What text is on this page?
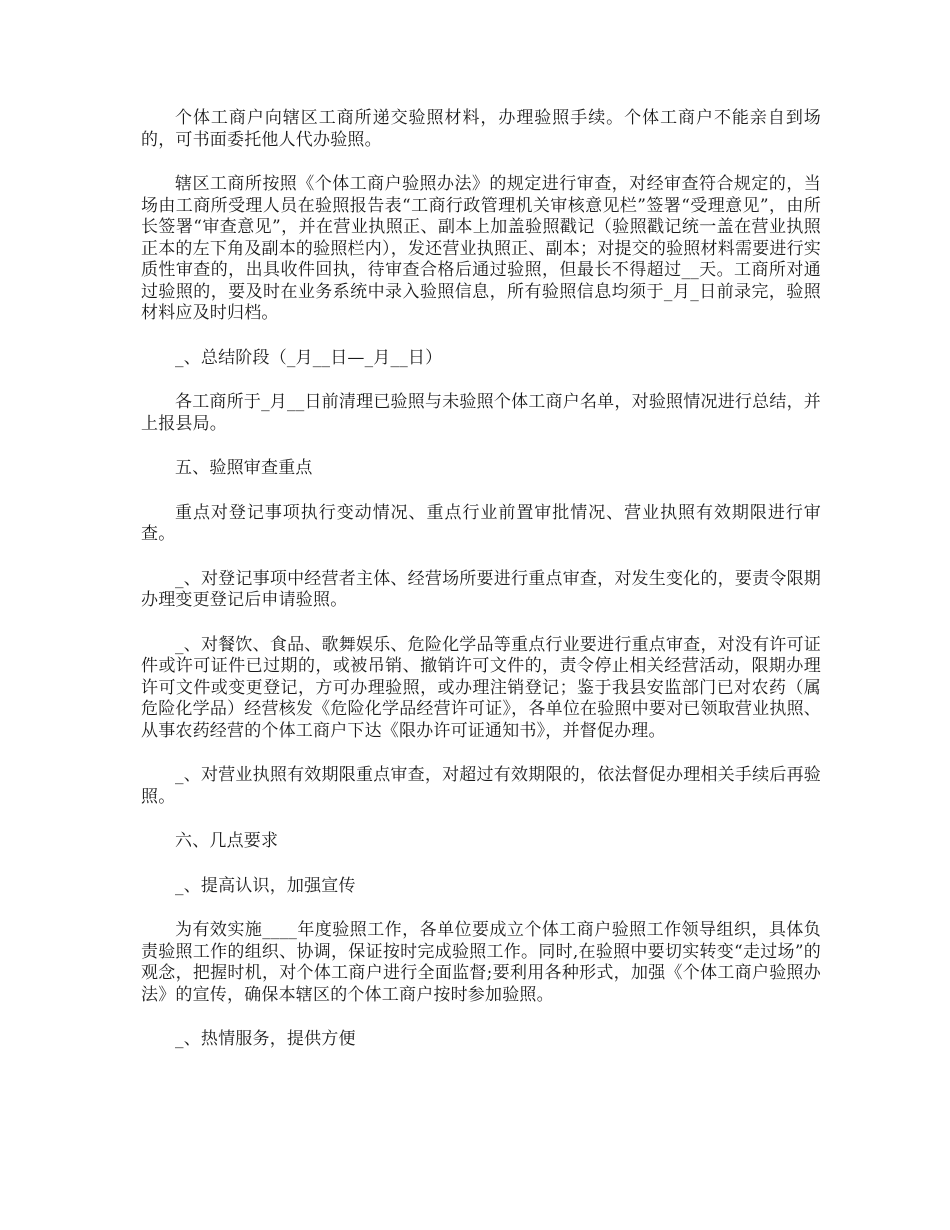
个体工商户向辖区工商所递交验照材料，办理验照手续。个体工商户不能亲自到场的，可书面委托他人代办验照。

辖区工商所按照《个体工商户验照办法》的规定进行审查，对经审查符合规定的，当场由工商所受理人员在验照报告表“工商行政管理机关审核意见栏”签署“受理意见”，由所长签署“审查意见”，并在营业执照正、副本上加盖验照戳记（验照戳记统一盖在营业执照正本的左下角及副本的验照栏内），发还营业执照正、副本；对提交的验照材料需要进行实质性审查的，出具收件回执，待审查合格后通过验照，但最长不得超过__天。工商所对通过验照的，要及时在业务系统中录入验照信息，所有验照信息均须于_月_日前录完，验照材料应及时归档。

_、总结阶段（_月__日—_月__日）

各工商所于_月__日前清理已验照与未验照个体工商户名单，对验照情况进行总结，并上报县局。

五、验照审查重点

重点对登记事项执行变动情况、重点行业前置审批情况、营业执照有效期限进行审查。

_、对登记事项中经营者主体、经营场所要进行重点审查，对发生变化的，要责令限期办理变更登记后申请验照。

_、对餐饮、食品、歌舞娱乐、危险化学品等重点行业要进行重点审查，对没有许可证件或许可证件已过期的，或被吊销、撤销许可文件的，责令停止相关经营活动，限期办理许可文件或变更登记，方可办理验照，或办理注销登记；鉴于我县安监部门已对农药（属危险化学品）经营核发《危险化学品经营许可证》，各单位在验照中要对已领取营业执照、从事农药经营的个体工商户下达《限办许可证通知书》，并督促办理。

_、对营业执照有效期限重点审查，对超过有效期限的，依法督促办理相关手续后再验照。

六、几点要求

_、提高认识，加强宣传

为有效实施____年度验照工作，各单位要成立个体工商户验照工作领导组织，具体负责验照工作的组织、协调，保证按时完成验照工作。同时,在验照中要切实转变“走过场”的观念，把握时机，对个体工商户进行全面监督;要利用各种形式，加强《个体工商户验照办法》的宣传，确保本辖区的个体工商户按时参加验照。

_、热情服务，提供方便
